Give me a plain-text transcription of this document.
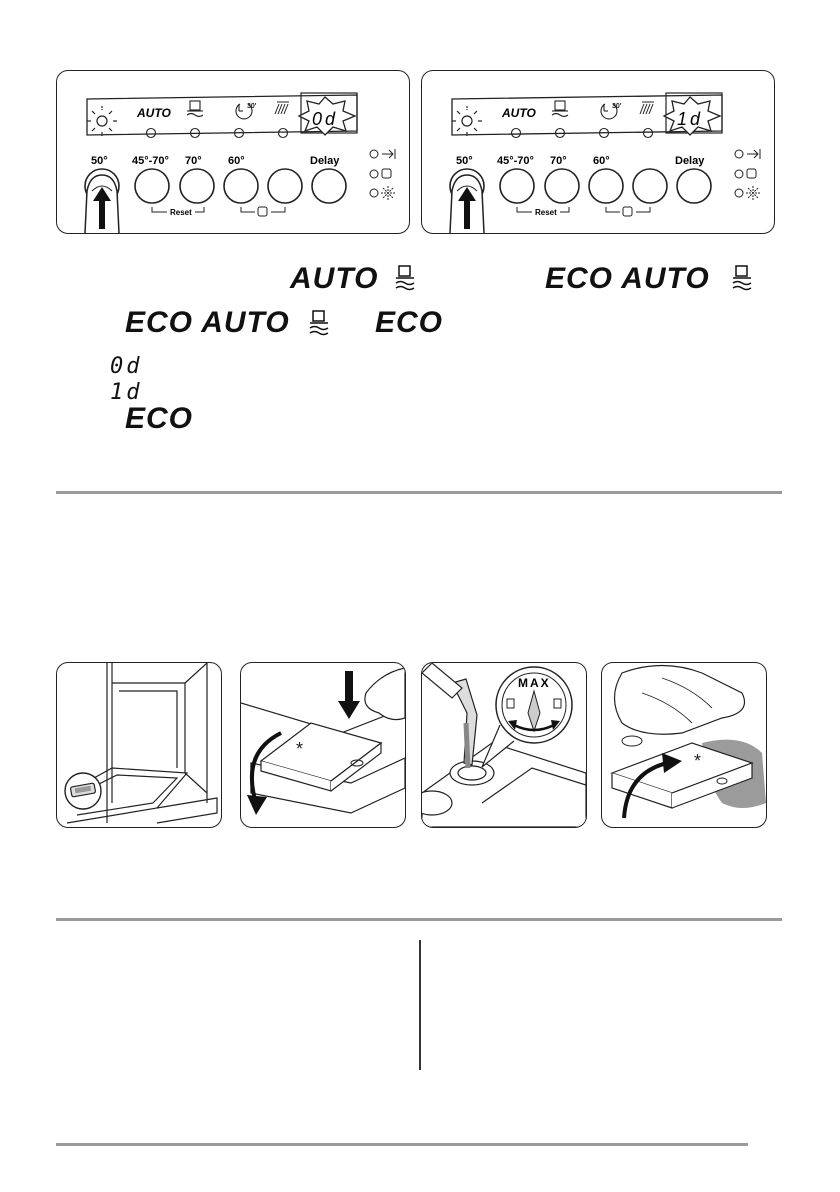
AUTO	30'
0d
50° 45°-70° 70° 60°	Delay
Reset
AUTO	30'
1d
50° 45°-70° 70° 60°	Delay
Reset
AUTO	ECO AUTO
ECO AUTO	ECO
0d
1d
ECO
*
MAX
*
